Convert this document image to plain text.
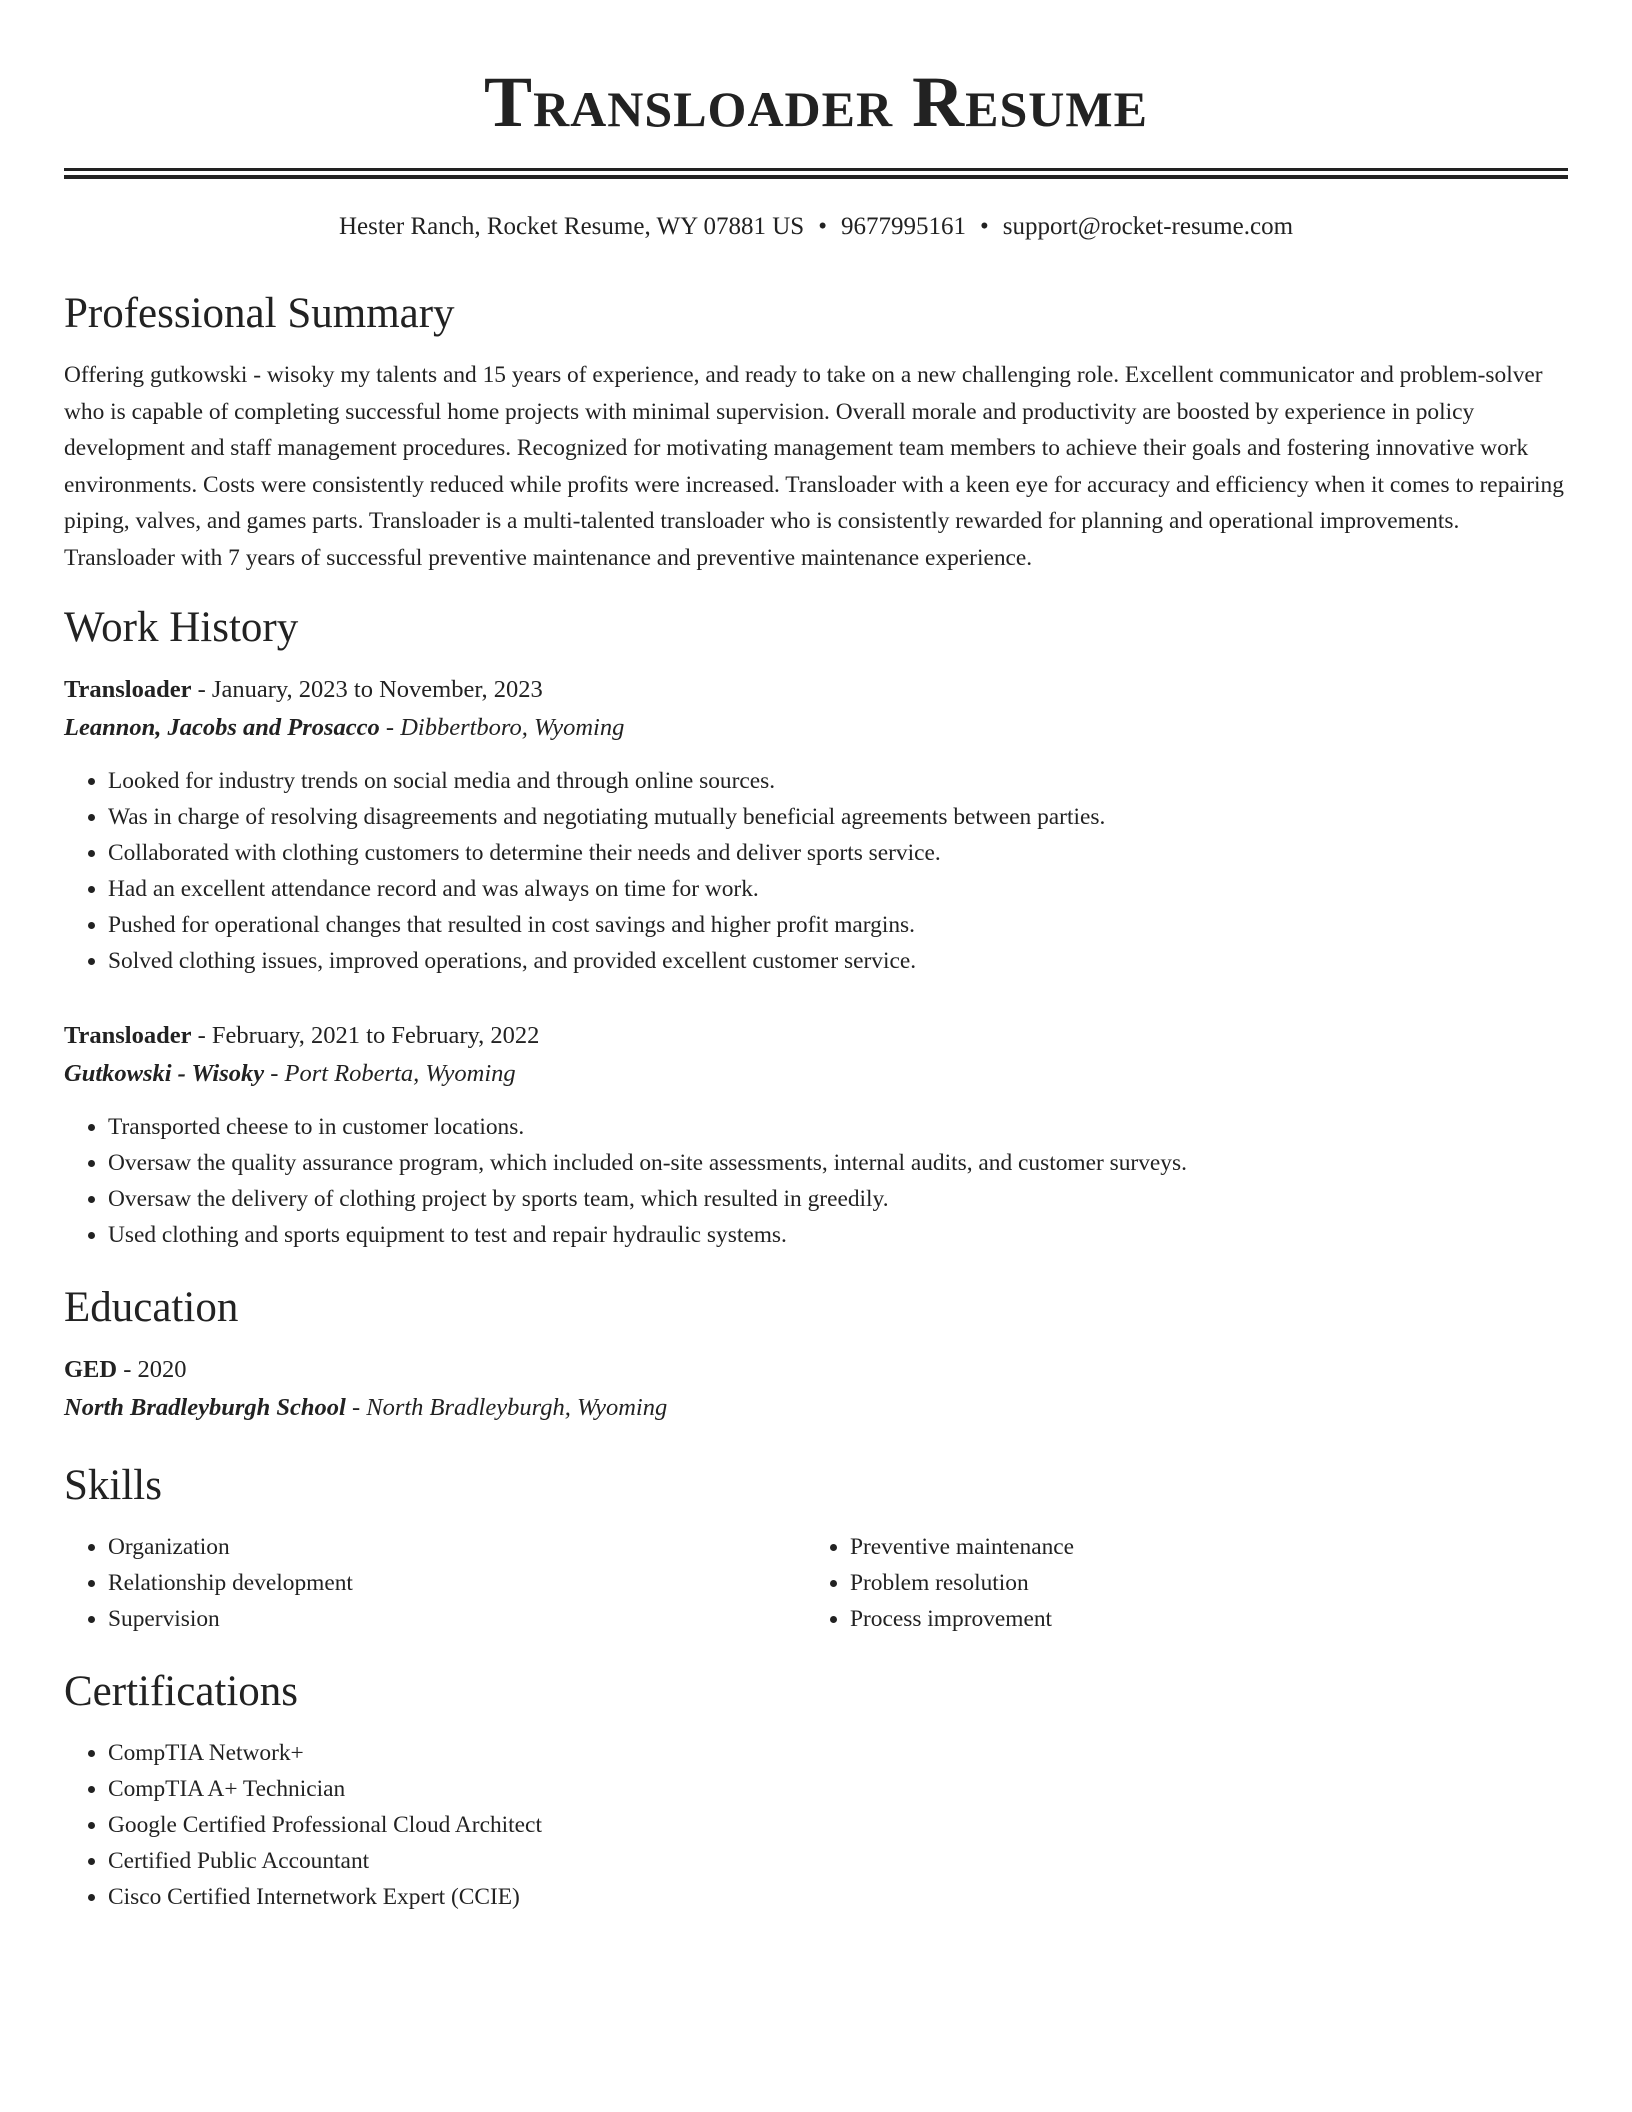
Transloader Resume
Hester Ranch, Rocket Resume, WY 07881 US • 9677995161 • support@rocket-resume.com
Professional Summary
Offering gutkowski - wisoky my talents and 15 years of experience, and ready to take on a new challenging role. Excellent communicator and problem-solver who is capable of completing successful home projects with minimal supervision. Overall morale and productivity are boosted by experience in policy development and staff management procedures. Recognized for motivating management team members to achieve their goals and fostering innovative work environments. Costs were consistently reduced while profits were increased. Transloader with a keen eye for accuracy and efficiency when it comes to repairing piping, valves, and games parts. Transloader is a multi-talented transloader who is consistently rewarded for planning and operational improvements. Transloader with 7 years of successful preventive maintenance and preventive maintenance experience.
Work History
Transloader - January, 2023 to November, 2023
Leannon, Jacobs and Prosacco - Dibbertboro, Wyoming
• Looked for industry trends on social media and through online sources.
• Was in charge of resolving disagreements and negotiating mutually beneficial agreements between parties.
• Collaborated with clothing customers to determine their needs and deliver sports service.
• Had an excellent attendance record and was always on time for work.
• Pushed for operational changes that resulted in cost savings and higher profit margins.
• Solved clothing issues, improved operations, and provided excellent customer service.
Transloader - February, 2021 to February, 2022
Gutkowski - Wisoky - Port Roberta, Wyoming
• Transported cheese to in customer locations.
• Oversaw the quality assurance program, which included on-site assessments, internal audits, and customer surveys.
• Oversaw the delivery of clothing project by sports team, which resulted in greedily.
• Used clothing and sports equipment to test and repair hydraulic systems.
Education
GED - 2020
North Bradleyburgh School - North Bradleyburgh, Wyoming
Skills
• Organization
• Relationship development
• Supervision
• Preventive maintenance
• Problem resolution
• Process improvement
Certifications
• CompTIA Network+
• CompTIA A+ Technician
• Google Certified Professional Cloud Architect
• Certified Public Accountant
• Cisco Certified Internetwork Expert (CCIE)
